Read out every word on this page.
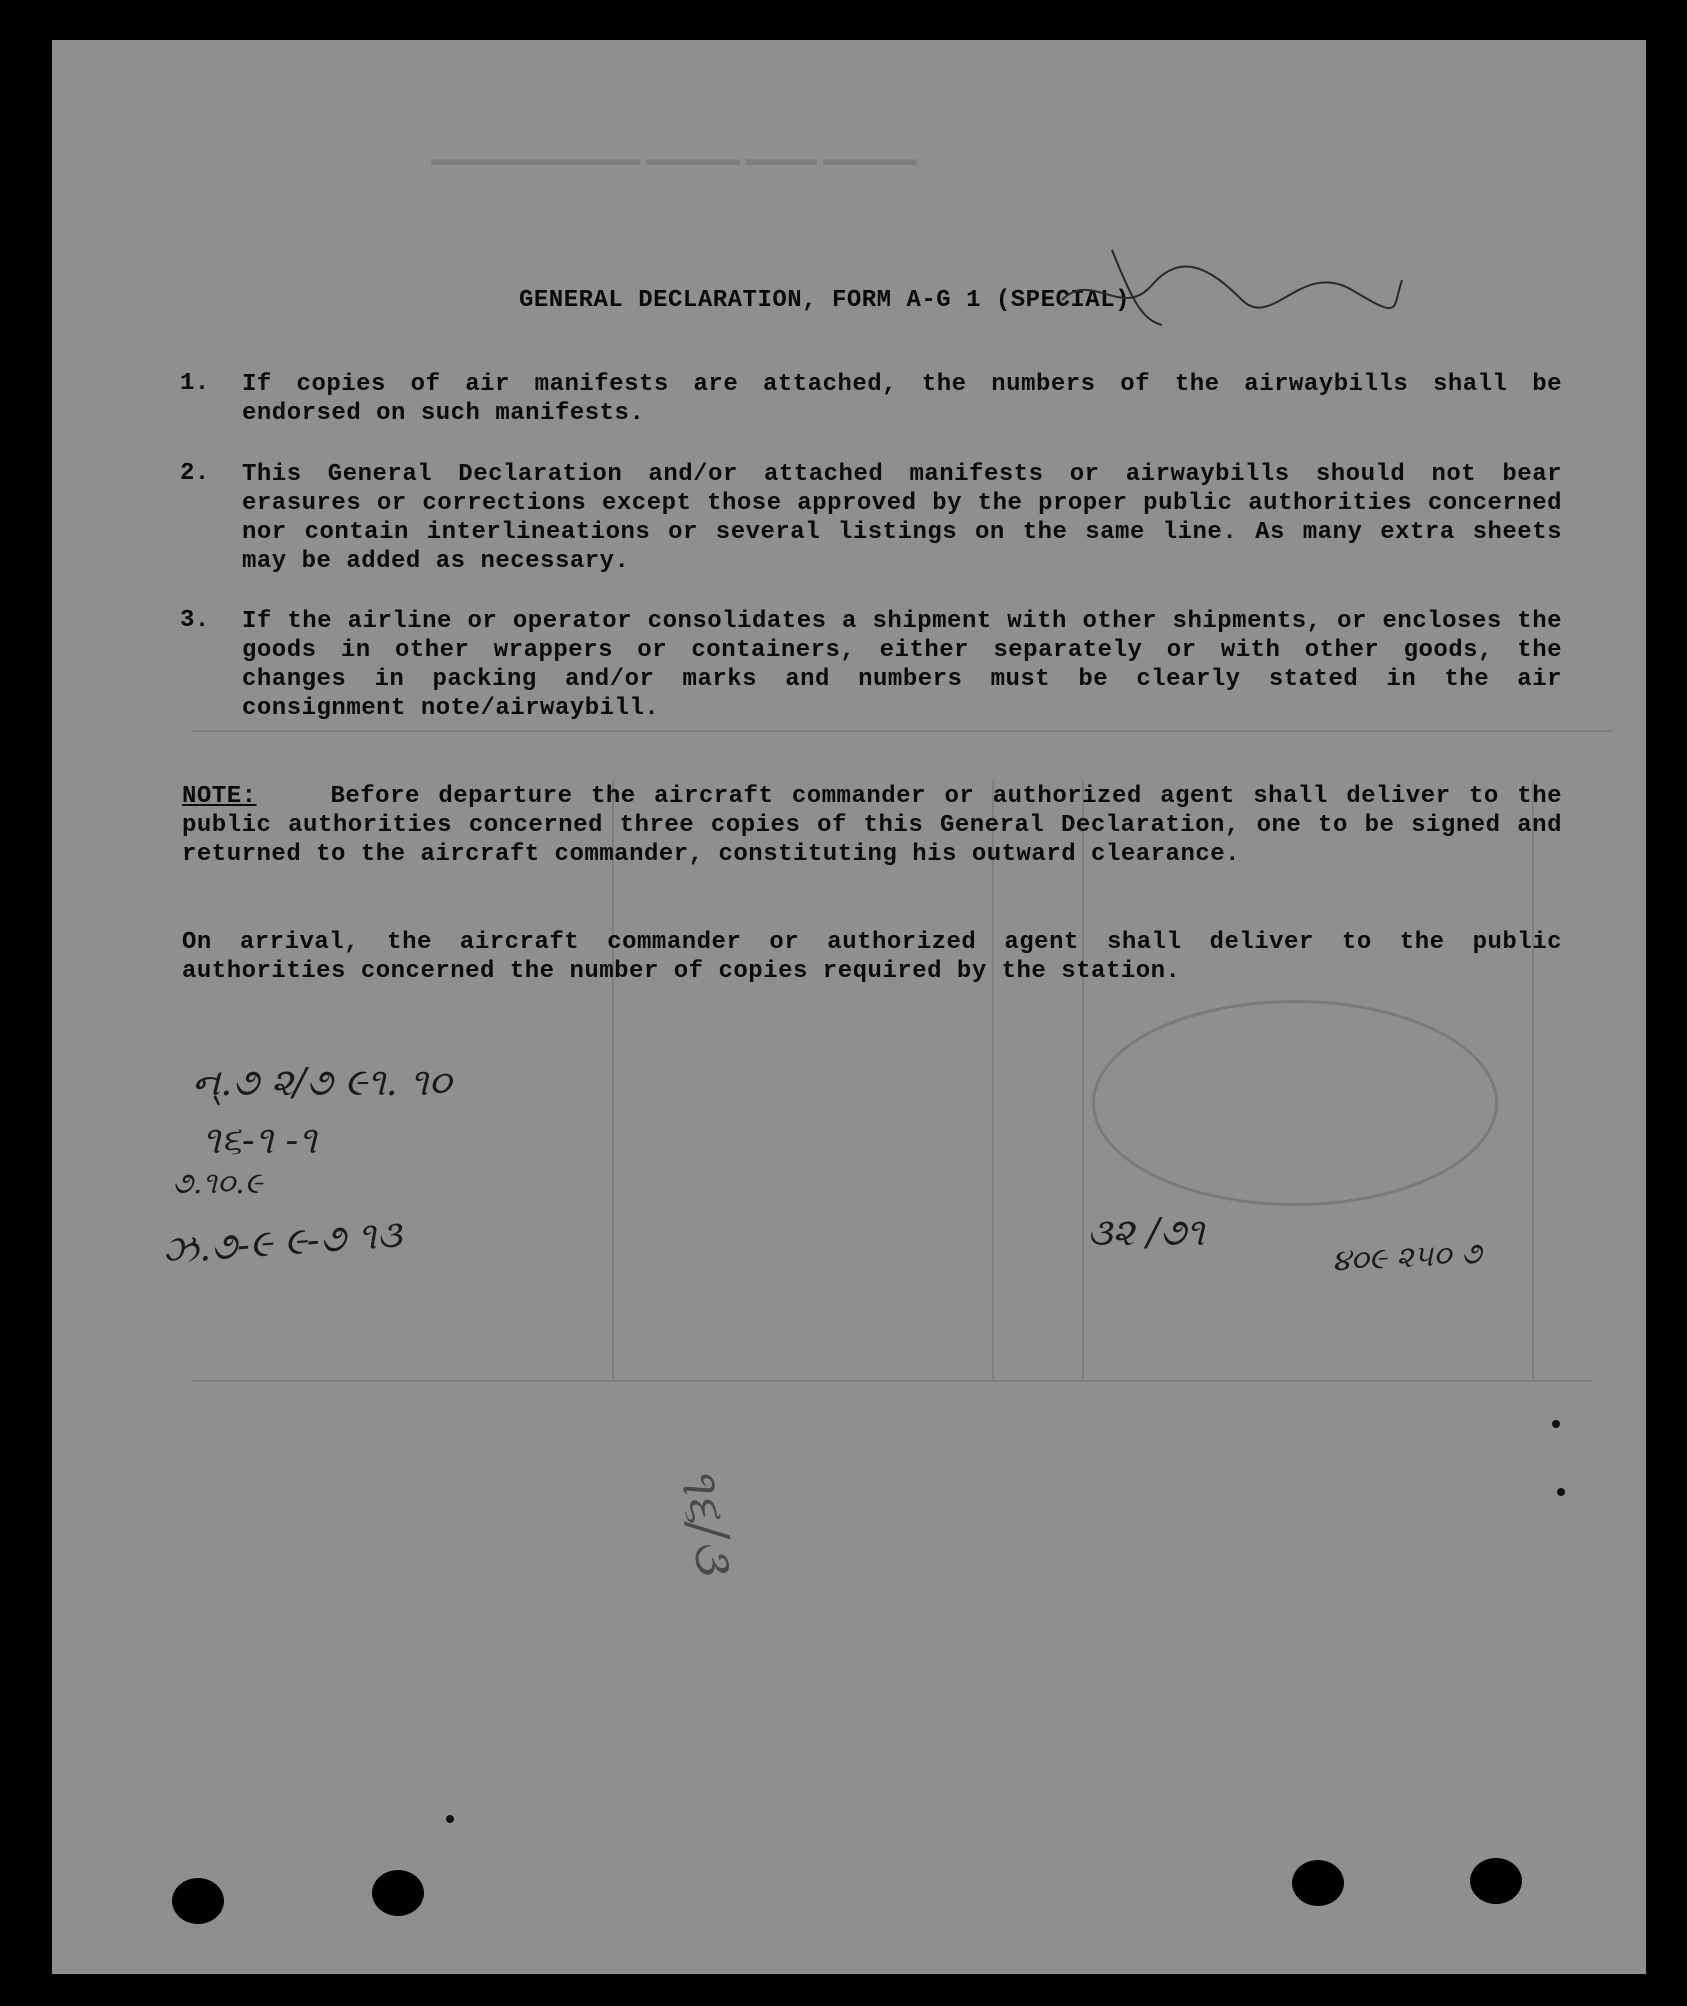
▁▁▁▁ ▁▁▁ ▁▁▁▁ ▁▁▁▁▁▁▁▁▁
GENERAL DECLARATION, FORM A-G 1 (SPECIAL)
1.	If copies of air manifests are attached, the numbers of the airwaybills shall be endorsed on such manifests.
2.	This General Declaration and/or attached manifests or airwaybills should not bear erasures or corrections except those approved by the proper public authorities concerned nor contain interlineations or several listings on the same line. As many extra sheets may be added as necessary.
3.	If the airline or operator consolidates a shipment with other shipments, or encloses the goods in other wrappers or containers, either separately or with other goods, the changes in packing and/or marks and numbers must be clearly stated in the air consignment note/airwaybill.
NOTE:	Before departure the aircraft commander or authorized agent shall deliver to the public authorities concerned three copies of this General Declaration, one to be signed and returned to the aircraft commander, constituting his outward clearance.
On arrival, the aircraft commander or authorized agent shall deliver to the public authorities concerned the number of copies required by the station.
ન્.૭ ૨/૭ ૯૧. ૧૦
૧૬-૧ -૧
૭.૧૦.૯
ઝ.૭-૯ ૯-૭ ૧૩	૩૨ /૭૧
૪૦૯ ૨૫૦ ૭
૧૬/૩
